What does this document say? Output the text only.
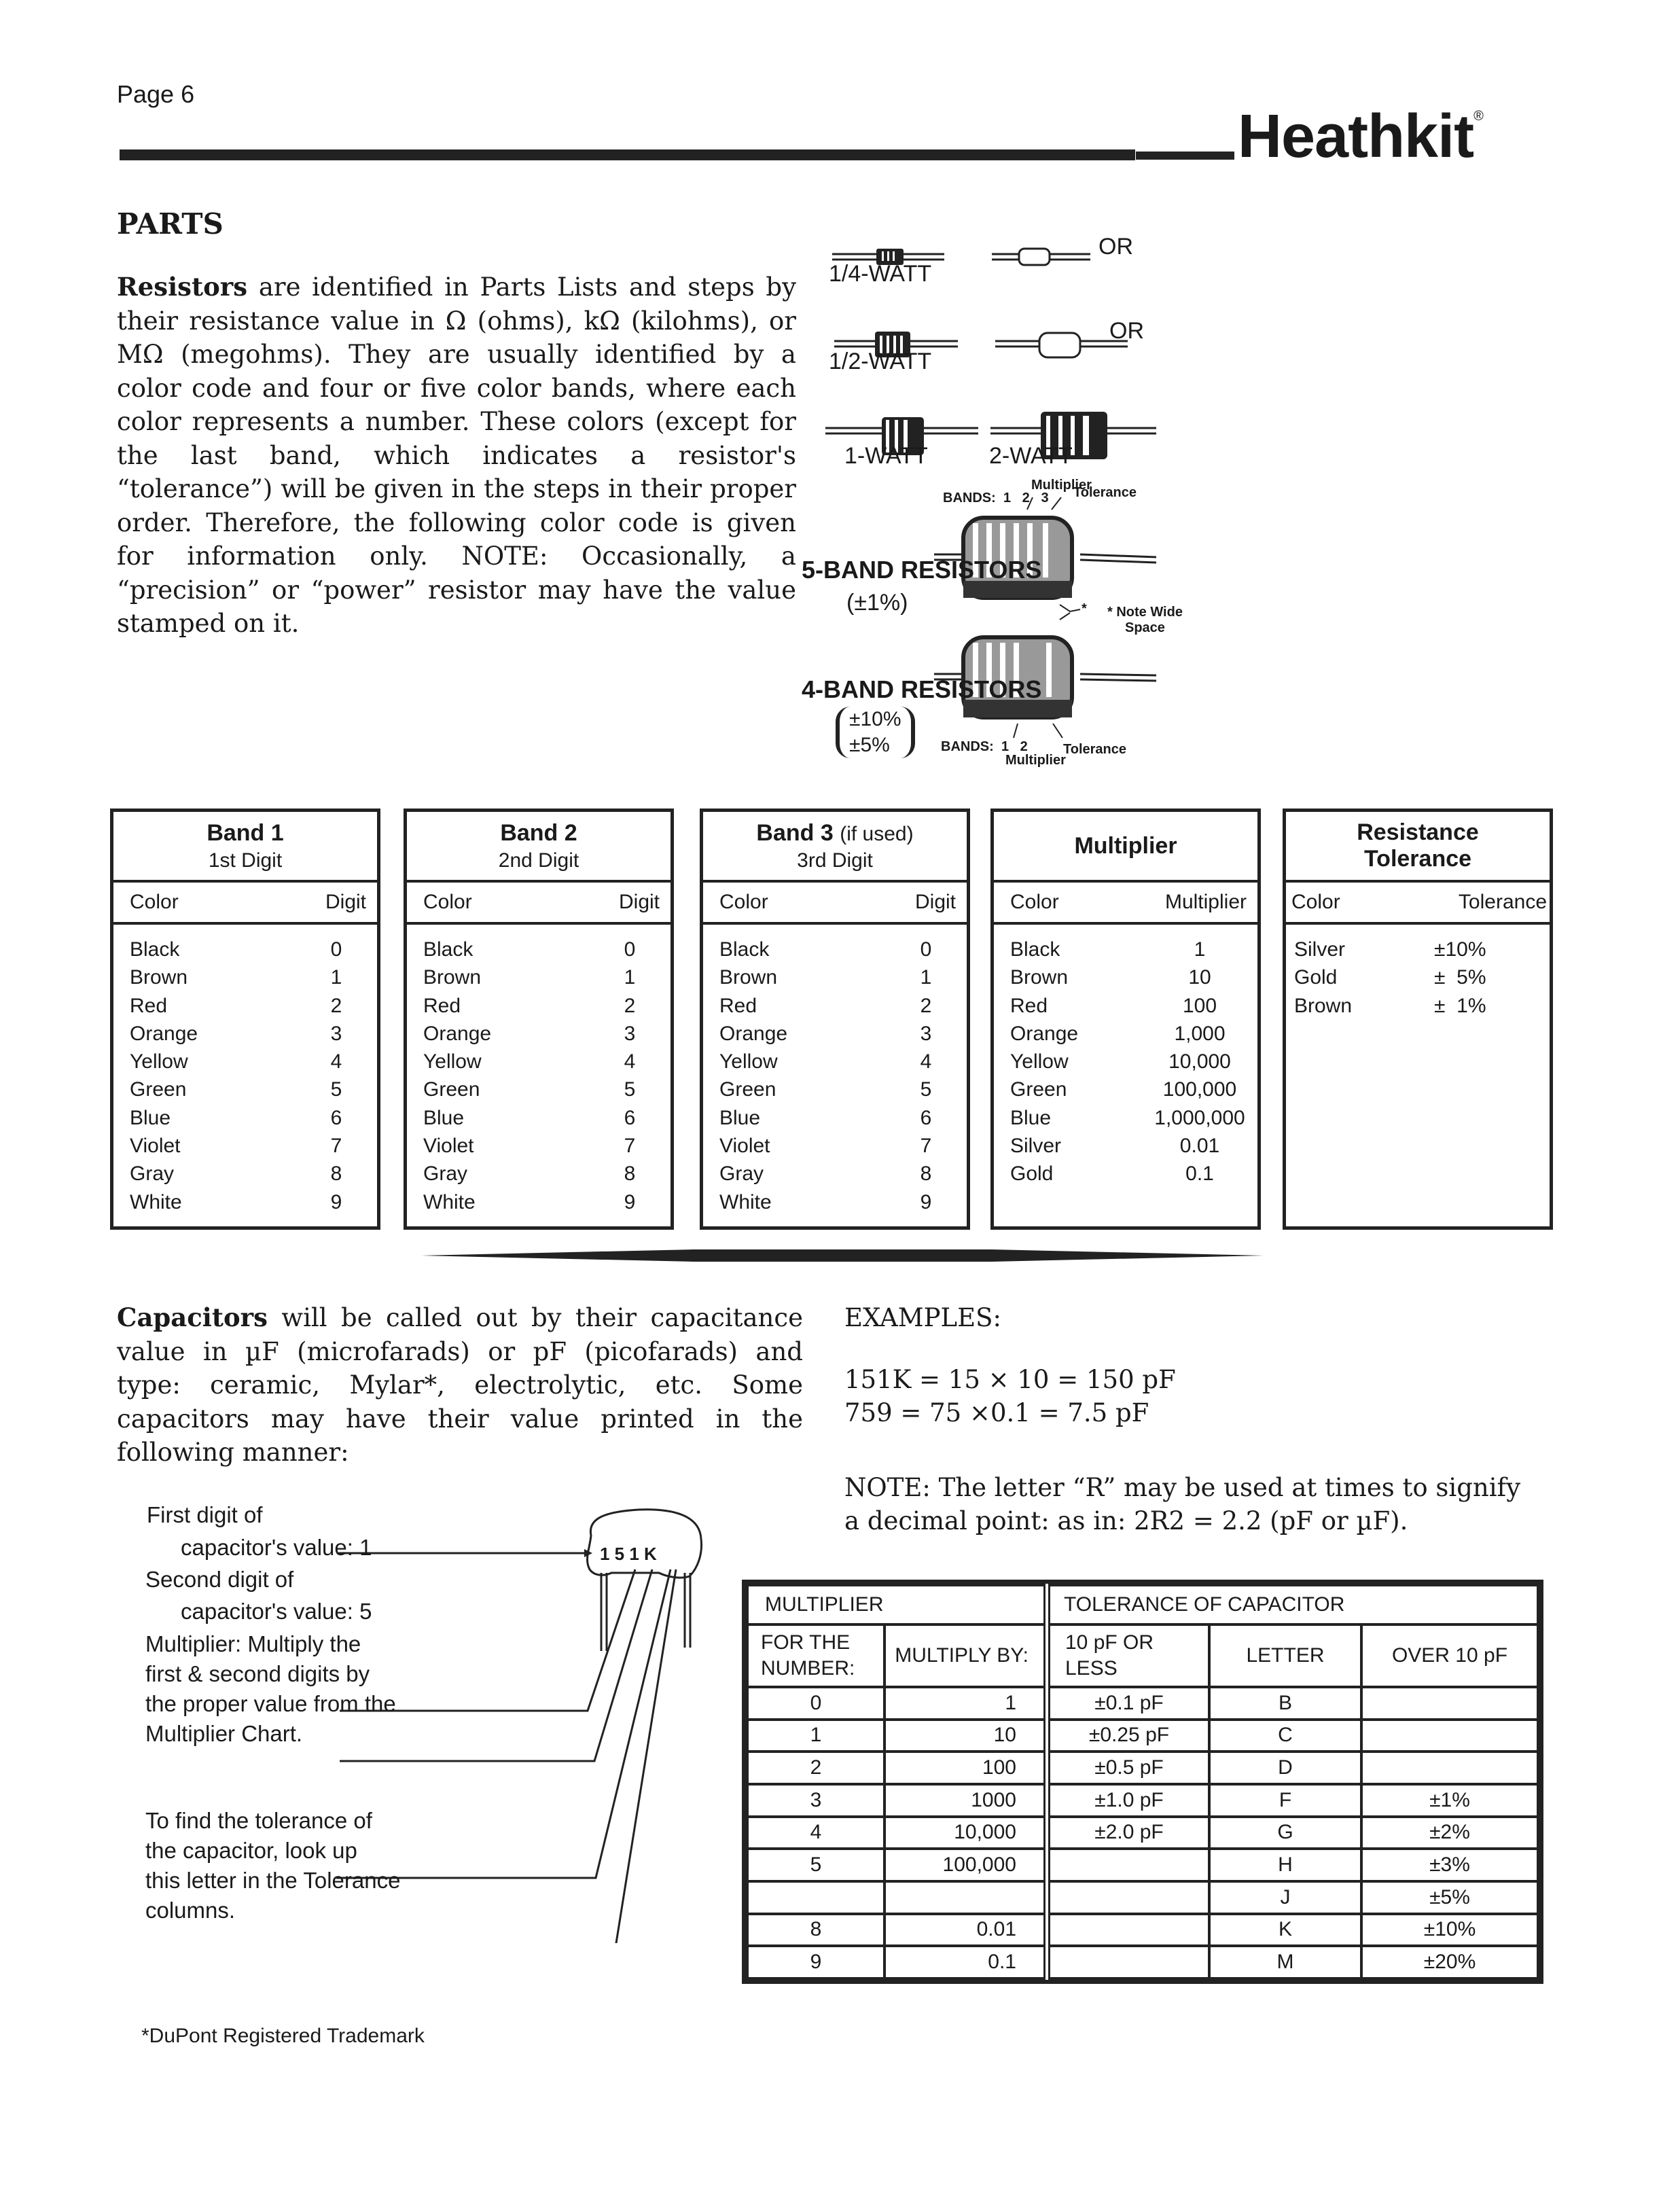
Page 6
Heathkit®
PARTS
Resistors are identified in Parts Lists and steps by their resistance value in Ω (ohms), kΩ (kilohms), or MΩ (megohms). They are usually identified by a color code and four or five color bands, where each color represents a number. These colors (except for the last band, which indicates a resistor's “tolerance”) will be given in the steps in their proper order. Therefore, the following color code is given for information only. NOTE: Occasionally, a “precision” or “power” resistor may have the value stamped on it.
OR
1/4-WATT
OR
1/2-WATT
1-WATT	2-WATT
Multiplier
BANDS:  1   2   3 Tolerance
5-BAND RESISTORS
(±1%)	* * Note Wide
Space
4-BAND RESISTORS
±10%
±5%	BANDS:  1   2
Multiplier
Tolerance
Band 1
1st Digit
Color	Digit
Black	0
Brown	1
Red	2
Orange	3
Yellow	4
Green	5
Blue	6
Violet	7
Gray	8
White	9
Band 2
2nd Digit
Color	Digit
Black	0
Brown	1
Red	2
Orange	3
Yellow	4
Green	5
Blue	6
Violet	7
Gray	8
White	9
Band 3 (if used)
3rd Digit
Color	Digit
Black	0
Brown	1
Red	2
Orange	3
Yellow	4
Green	5
Blue	6
Violet	7
Gray	8
White	9
Multiplier
Color	Multiplier
Black	1
Brown	10
Red	100
Orange	1,000
Yellow	10,000
Green	100,000
Blue	1,000,000
Silver	0.01
Gold	0.1
Resistance
Tolerance
Color	Tolerance
Silver	±10%
Gold	±  5%
Brown	±  1%
Capacitors will be called out by their capacitance value in µF (microfarads) or pF (picofarads) and type: ceramic, Mylar*, electrolytic, etc. Some capacitors may have their value printed in the following manner:
EXAMPLES:
151K = 15 × 10 = 150 pF
759 = 75 ×0.1 = 7.5 pF
NOTE: The letter “R” may be used at times to signify a decimal point: as in: 2R2 = 2.2 (pF or µF).
1 5 1 K
First digit of
capacitor's value: 1
Second digit of
capacitor's value: 5
Multiplier: Multiply the
first & second digits by
the proper value from the
Multiplier Chart.
To find the tolerance of
the capacitor, look up
this letter in the Tolerance
columns.
MULTIPLIER		TOLERANCE OF CAPACITOR		
FOR THE NUMBER:	MULTIPLY BY:	10 pF OR LESS	LETTER	OVER 10 pF
0	1	±0.1 pF	B	
1	10	±0.25 pF	C	
2	100	±0.5 pF	D	
3	1000	±1.0 pF	F	±1%
4	10,000	±2.0 pF	G	±2%
5	100,000		H	±3%
			J	±5%
8	0.01		K	±10%
9	0.1		M	±20%
*DuPont Registered Trademark
